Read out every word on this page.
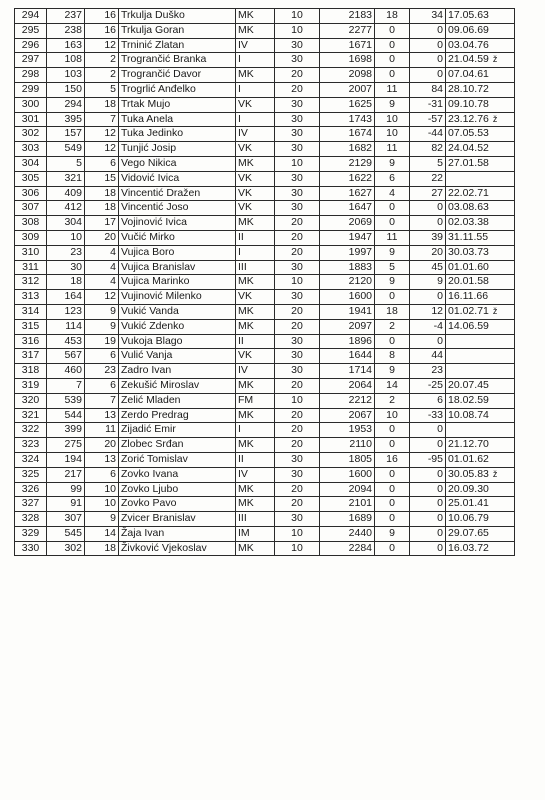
294	237	16	Trkulja Duško	MK	10	2183	18	34	17.05.63
295	238	16	Trkulja Goran	MK	10	2277	0	0	09.06.69
296	163	12	Trninić Zlatan	IV	30	1671	0	0	03.04.76
297	108	2	Trogrančić Branka	I	30	1698	0	0	21.04.59 ž
298	103	2	Trogrančić Davor	MK	20	2098	0	0	07.04.61
299	150	5	Trogrlić Anđelko	I	20	2007	11	84	28.10.72
300	294	18	Trtak Mujo	VK	30	1625	9	-31	09.10.78
301	395	7	Tuka Anela	I	30	1743	10	-57	23.12.76 ž
302	157	12	Tuka Jedinko	IV	30	1674	10	-44	07.05.53
303	549	12	Tunjić Josip	VK	30	1682	11	82	24.04.52
304	5	6	Vego Nikica	MK	10	2129	9	5	27.01.58
305	321	15	Vidović Ivica	VK	30	1622	6	22	
306	409	18	Vincentić Dražen	VK	30	1627	4	27	22.02.71
307	412	18	Vincentić Joso	VK	30	1647	0	0	03.08.63
308	304	17	Vojinović Ivica	MK	20	2069	0	0	02.03.38
309	10	20	Vučić Mirko	II	20	1947	11	39	31.11.55
310	23	4	Vujica Boro	I	20	1997	9	20	30.03.73
311	30	4	Vujica Branislav	III	30	1883	5	45	01.01.60
312	18	4	Vujica Marinko	MK	10	2120	9	9	20.01.58
313	164	12	Vujinović Milenko	VK	30	1600	0	0	16.11.66
314	123	9	Vukić Vanda	MK	20	1941	18	12	01.02.71 ž
315	114	9	Vukić Zdenko	MK	20	2097	2	-4	14.06.59
316	453	19	Vukoja Blago	II	30	1896	0	0	
317	567	6	Vulić Vanja	VK	30	1644	8	44	
318	460	23	Zadro Ivan	IV	30	1714	9	23	
319	7	6	Zekušić Miroslav	MK	20	2064	14	-25	20.07.45
320	539	7	Zelić Mladen	FM	10	2212	2	6	18.02.59
321	544	13	Zerdo Predrag	MK	20	2067	10	-33	10.08.74
322	399	11	Zijadić Emir	I	20	1953	0	0	
323	275	20	Zlobec Srđan	MK	20	2110	0	0	21.12.70
324	194	13	Zorić Tomislav	II	30	1805	16	-95	01.01.62
325	217	6	Zovko Ivana	IV	30	1600	0	0	30.05.83 ž
326	99	10	Zovko Ljubo	MK	20	2094	0	0	20.09.30
327	91	10	Zovko Pavo	MK	20	2101	0	0	25.01.41
328	307	9	Zvicer Branislav	III	30	1689	0	0	10.06.79
329	545	14	Žaja Ivan	IM	10	2440	9	0	29.07.65
330	302	18	Živković Vjekoslav	MK	10	2284	0	0	16.03.72
